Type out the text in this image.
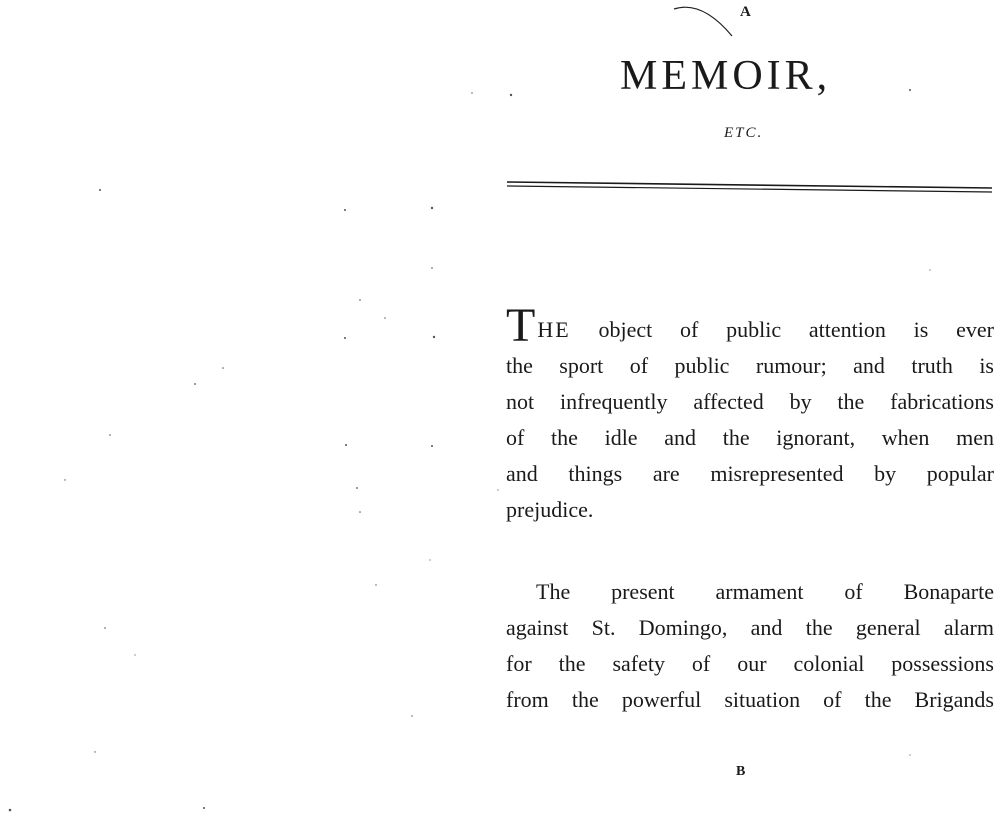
A
MEMOIR,
ETC.

THE object of public attention is ever
the sport of public rumour; and truth is
not infrequently affected by the fabrications
of the idle and the ignorant, when men
and things are misrepresented by popular
prejudice.

The present armament of Bonaparte
against St. Domingo, and the general alarm
for the safety of our colonial possessions
from the powerful situation of the Brigands

B
